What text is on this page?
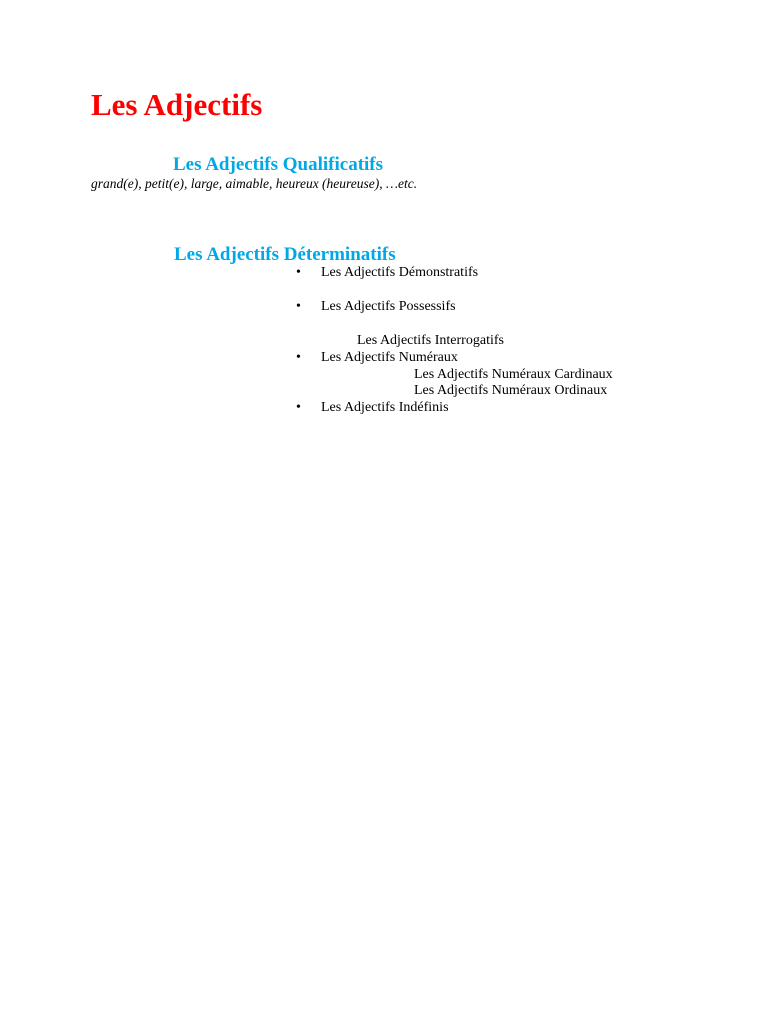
Les Adjectifs
Les Adjectifs Qualificatifs
grand(e), petit(e), large, aimable, heureux (heureuse), …etc.
Les Adjectifs Déterminatifs
• Les Adjectifs Démonstratifs
• Les Adjectifs Possessifs
Les Adjectifs Interrogatifs
• Les Adjectifs Numéraux
Les Adjectifs Numéraux Cardinaux
Les Adjectifs Numéraux Ordinaux
• Les Adjectifs Indéfinis
